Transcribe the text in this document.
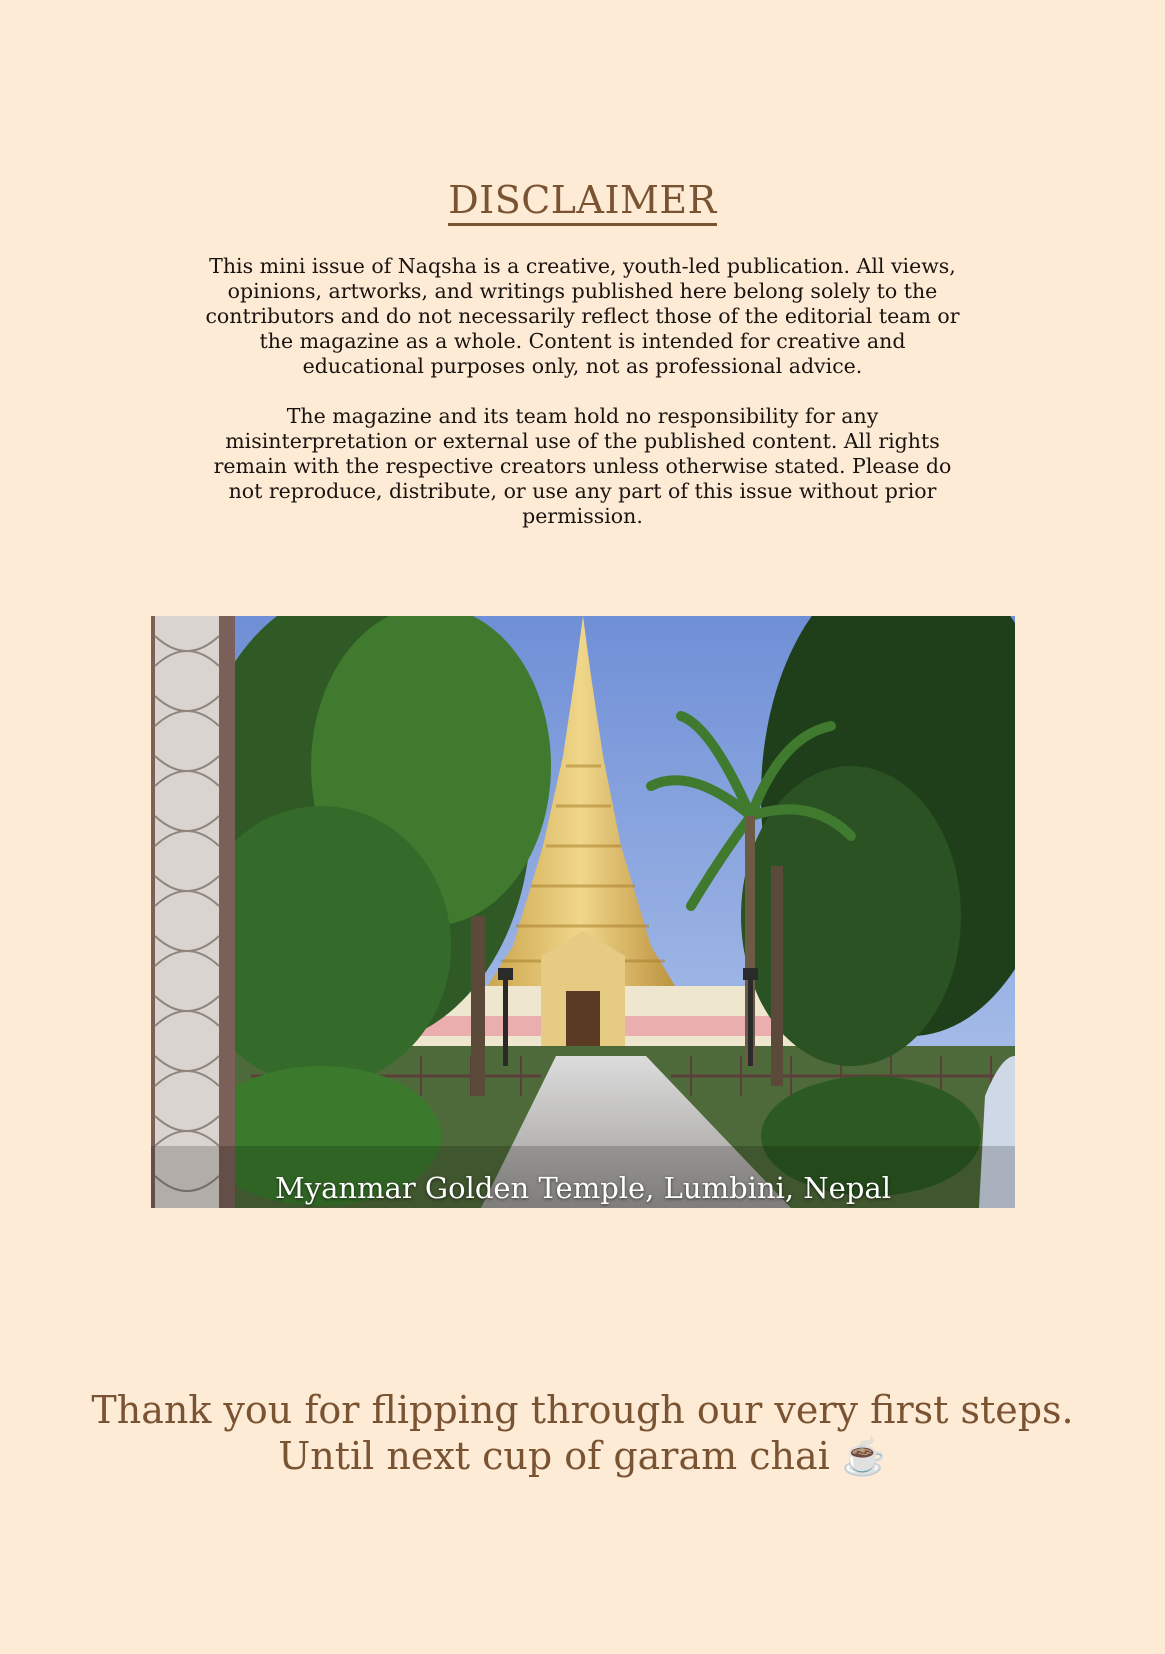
DISCLAIMER

This mini issue of Naqsha is a creative, youth-led publication. All views, opinions, artworks, and writings published here belong solely to the contributors and do not necessarily reflect those of the editorial team or the magazine as a whole. Content is intended for creative and educational purposes only, not as professional advice.

The magazine and its team hold no responsibility for any misinterpretation or external use of the published content. All rights remain with the respective creators unless otherwise stated. Please do not reproduce, distribute, or use any part of this issue without prior permission.

Myanmar Golden Temple, Lumbini, Nepal
Thank you for flipping through our very first steps.
Until next cup of garam chai ☕
